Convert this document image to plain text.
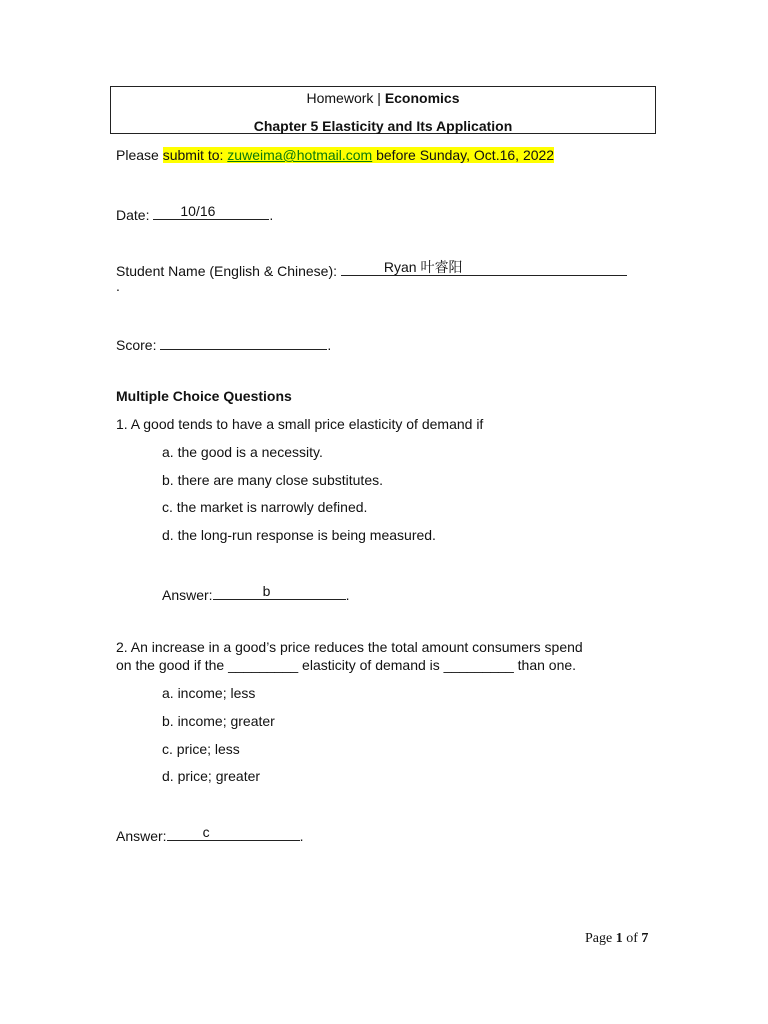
Homework | Economics
Chapter 5 Elasticity and Its Application
Please submit to: zuweima@hotmail.com before Sunday, Oct.16, 2022
Date:	10/16	.
Student Name (English & Chinese):	Ryan 叶睿阳
.
Score:	.
Multiple Choice Questions
1. A good tends to have a small price elasticity of demand if
a. the good is a necessity.
b. there are many close substitutes.
c. the market is narrowly defined.
d. the long-run response is being measured.
Answer:	b	.
2. An increase in a good’s price reduces the total amount consumers spend
on the good if the _________ elasticity of demand is _________ than one.
a. income; less
b. income; greater
c. price; less
d. price; greater
Answer:	c	.
Page 1 of 7
